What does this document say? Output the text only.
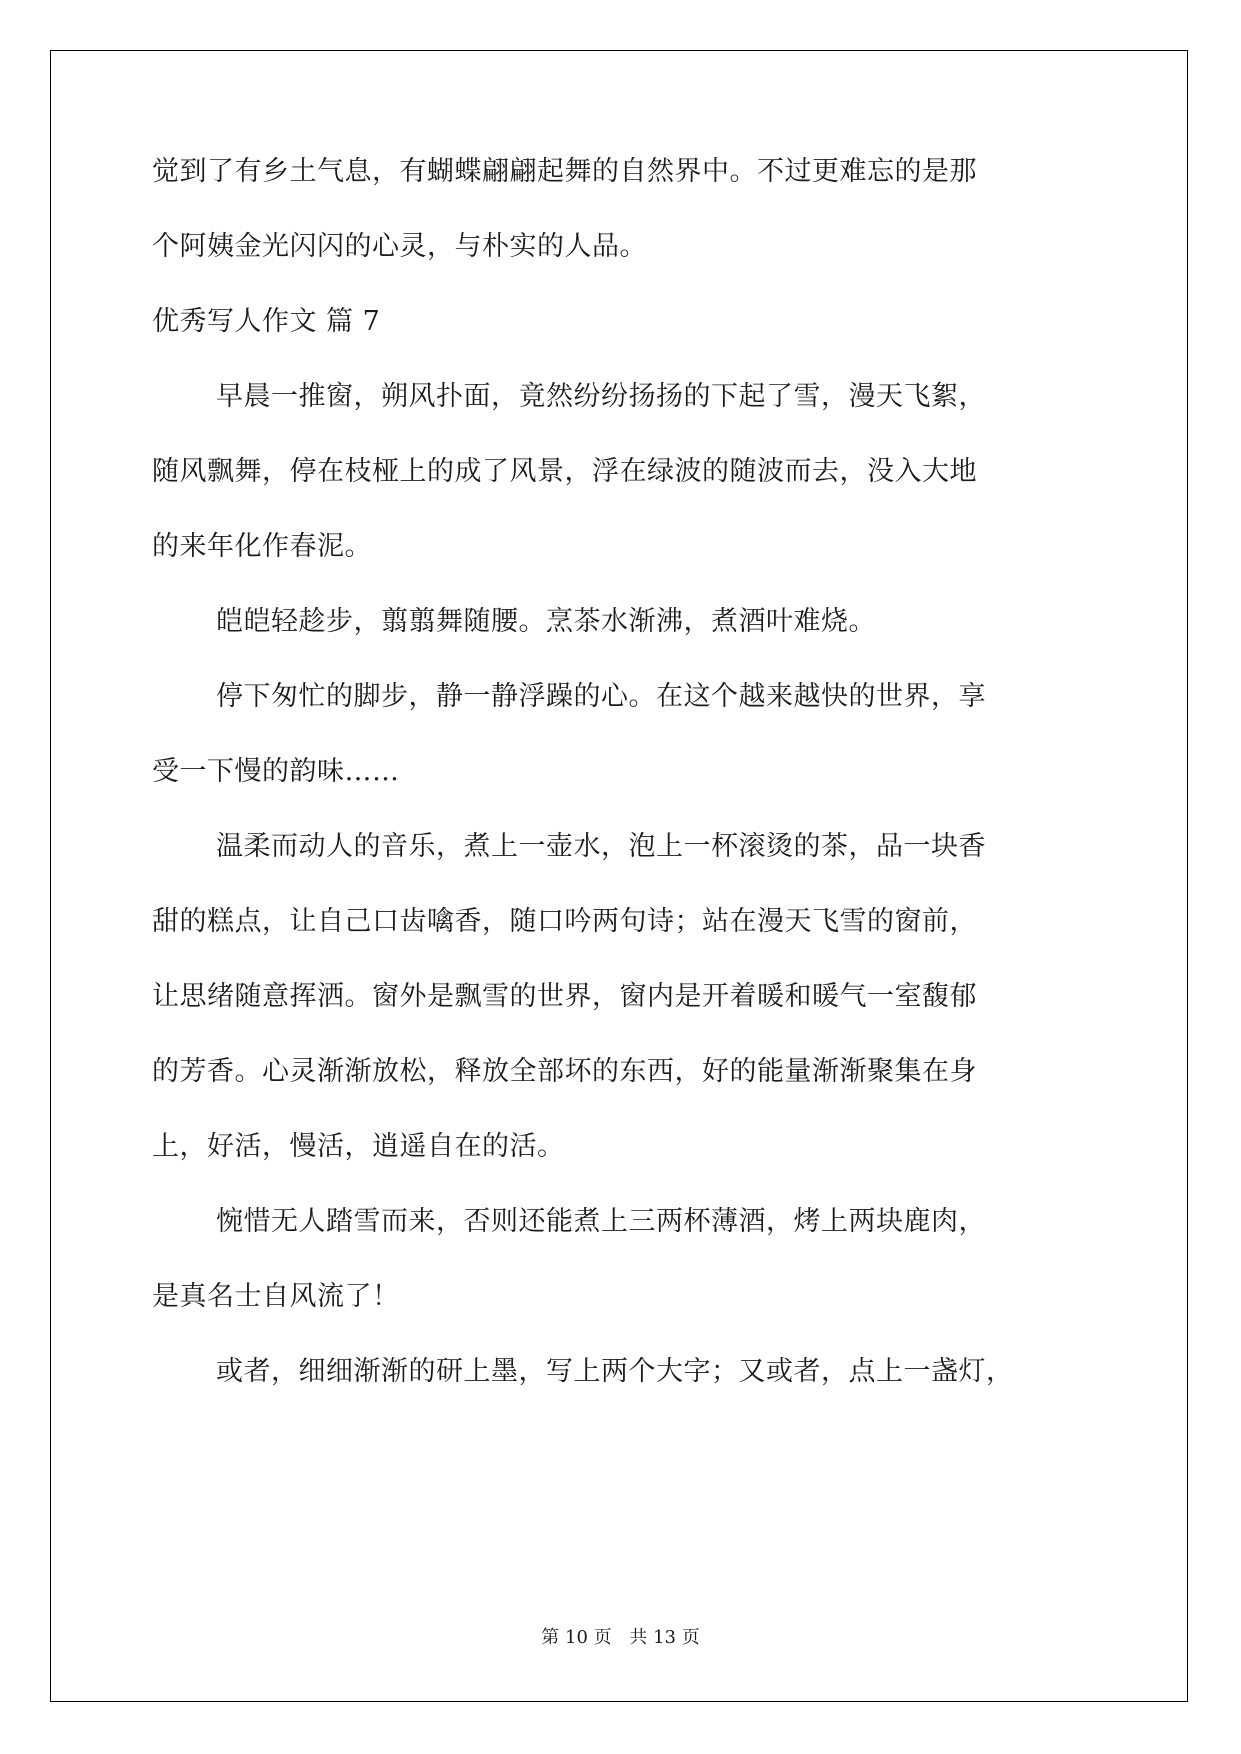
觉到了有乡土气息，有蝴蝶翩翩起舞的自然界中。不过更难忘的是那
个阿姨金光闪闪的心灵，与朴实的人品。
优秀写人作文 篇 7
早晨一推窗，朔风扑面，竟然纷纷扬扬的下起了雪，漫天飞絮，
随风飘舞，停在枝桠上的成了风景，浮在绿波的随波而去，没入大地
的来年化作春泥。
皑皑轻趁步，翦翦舞随腰。烹茶水渐沸，煮酒叶难烧。
停下匆忙的脚步，静一静浮躁的心。在这个越来越快的世界，享
受一下慢的韵味……
温柔而动人的音乐，煮上一壶水，泡上一杯滚烫的茶，品一块香
甜的糕点，让自己口齿噙香，随口吟两句诗；站在漫天飞雪的窗前，
让思绪随意挥洒。窗外是飘雪的世界，窗内是开着暖和暖气一室馥郁
的芳香。心灵渐渐放松，释放全部坏的东西，好的能量渐渐聚集在身
上，好活，慢活，逍遥自在的活。
惋惜无人踏雪而来，否则还能煮上三两杯薄酒，烤上两块鹿肉，
是真名士自风流了！
或者，细细渐渐的研上墨，写上两个大字；又或者，点上一盏灯，
第 10 页 共 13 页
